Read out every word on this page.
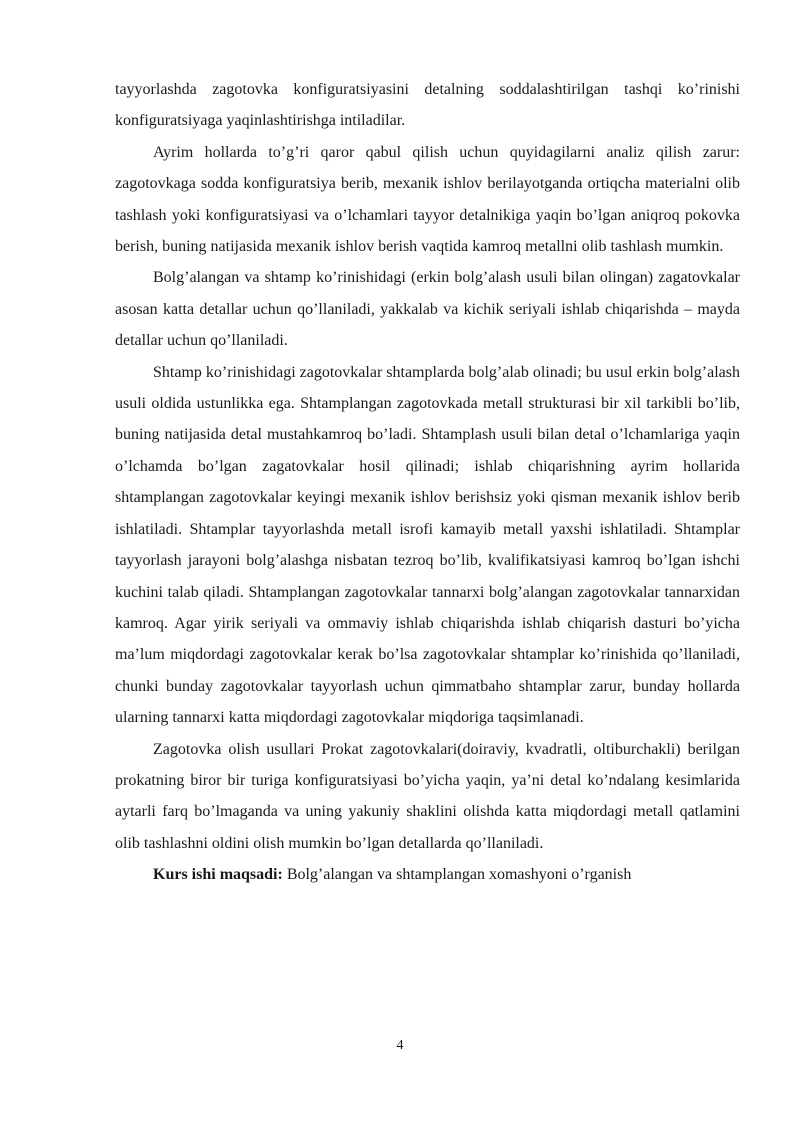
tayyorlashda zagotovka konfiguratsiyasini detalning soddalashtirilgan tashqi ko’rinishi konfiguratsiyaga yaqinlashtirishga intiladilar.

Ayrim hollarda to’g’ri qaror qabul qilish uchun quyidagilarni analiz qilish zarur: zagotovkaga sodda konfiguratsiya berib, mexanik ishlov berilayotganda ortiqcha materialni olib tashlash yoki konfiguratsiyasi va o’lchamlari tayyor detalnikiga yaqin bo’lgan aniqroq pokovka berish, buning natijasida mexanik ishlov berish vaqtida kamroq metallni olib tashlash mumkin.

Bolg’alangan va shtamp ko’rinishidagi (erkin bolg’alash usuli bilan olingan) zagatovkalar asosan katta detallar uchun qo’llaniladi, yakkalab va kichik seriyali ishlab chiqarishda – mayda detallar uchun qo’llaniladi.

Shtamp ko’rinishidagi zagotovkalar shtamplarda bolg’alab olinadi; bu usul erkin bolg’alash usuli oldida ustunlikka ega. Shtamplangan zagotovkada metall strukturasi bir xil tarkibli bo’lib, buning natijasida detal mustahkamroq bo’ladi. Shtamplash usuli bilan detal o’lchamlariga yaqin o’lchamda bo’lgan zagatovkalar hosil qilinadi; ishlab chiqarishning ayrim hollarida shtamplangan zagotovkalar keyingi mexanik ishlov berishsiz yoki qisman mexanik ishlov berib ishlatiladi. Shtamplar tayyorlashda metall isrofi kamayib metall yaxshi ishlatiladi. Shtamplar tayyorlash jarayoni bolg’alashga nisbatan tezroq bo’lib, kvalifikatsiyasi kamroq bo’lgan ishchi kuchini talab qiladi. Shtamplangan zagotovkalar tannarxi bolg’alangan zagotovkalar tannarxidan kamroq. Agar yirik seriyali va ommaviy ishlab chiqarishda ishlab chiqarish dasturi bo’yicha ma’lum miqdordagi zagotovkalar kerak bo’lsa zagotovkalar shtamplar ko’rinishida qo’llaniladi, chunki bunday zagotovkalar tayyorlash uchun qimmatbaho shtamplar zarur, bunday hollarda ularning tannarxi katta miqdordagi zagotovkalar miqdoriga taqsimlanadi.

Zagotovka olish usullari Prokat zagotovkalari(doiraviy, kvadratli, oltiburchakli) berilgan prokatning biror bir turiga konfiguratsiyasi bo’yicha yaqin, ya’ni detal ko’ndalang kesimlarida aytarli farq bo’lmaganda va uning yakuniy shaklini olishda katta miqdordagi metall qatlamini olib tashlashni oldini olish mumkin bo’lgan detallarda qo’llaniladi.

Kurs ishi maqsadi: Bolg’alangan va shtamplangan xomashyoni o’rganish

4
